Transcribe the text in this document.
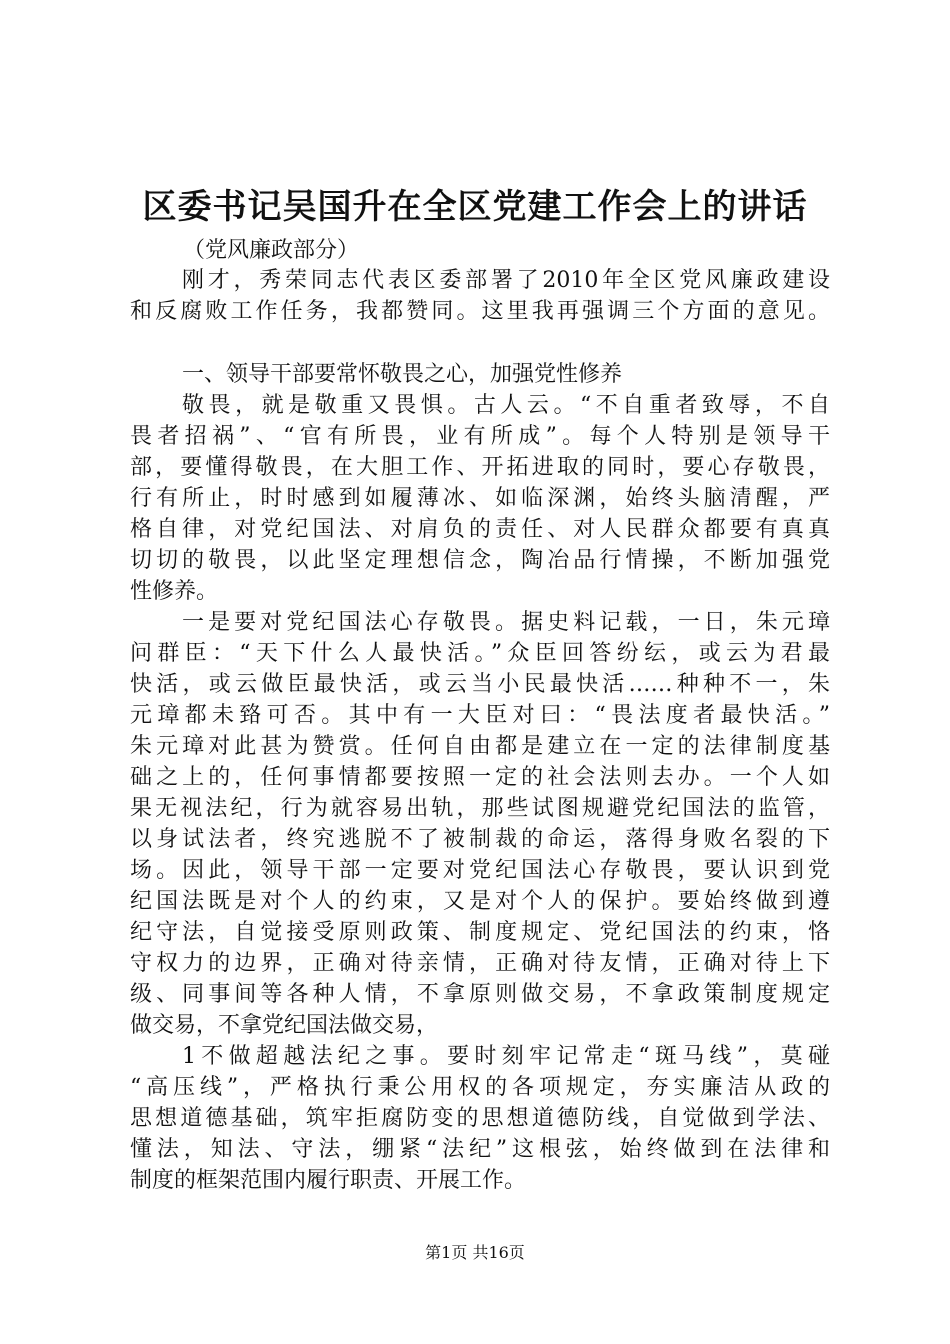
区委书记吴国升在全区党建工作会上的讲话
（党风廉政部分）
刚才，秀荣同志代表区委部署了2010年全区党风廉政建设
和反腐败工作任务，我都赞同。这里我再强调三个方面的意见。
一、领导干部要常怀敬畏之心，加强党性修养
敬畏，就是敬重又畏惧。古人云。“不自重者致辱，不自
畏者招祸”、“官有所畏，业有所成”。每个人特别是领导干
部，要懂得敬畏，在大胆工作、开拓进取的同时，要心存敬畏，
行有所止，时时感到如履薄冰、如临深渊，始终头脑清醒，严
格自律，对党纪国法、对肩负的责任、对人民群众都要有真真
切切的敬畏，以此坚定理想信念，陶冶品行情操，不断加强党
性修养。
一是要对党纪国法心存敬畏。据史料记载，一日，朱元璋
问群臣：“天下什么人最快活。”众臣回答纷纭，或云为君最
快活，或云做臣最快活，或云当小民最快活……种种不一，朱
元璋都未臵可否。其中有一大臣对曰：“畏法度者最快活。”
朱元璋对此甚为赞赏。任何自由都是建立在一定的法律制度基
础之上的，任何事情都要按照一定的社会法则去办。一个人如
果无视法纪，行为就容易出轨，那些试图规避党纪国法的监管，
以身试法者，终究逃脱不了被制裁的命运，落得身败名裂的下
场。因此，领导干部一定要对党纪国法心存敬畏，要认识到党
纪国法既是对个人的约束，又是对个人的保护。要始终做到遵
纪守法，自觉接受原则政策、制度规定、党纪国法的约束，恪
守权力的边界，正确对待亲情，正确对待友情，正确对待上下
级、同事间等各种人情，不拿原则做交易，不拿政策制度规定
做交易，不拿党纪国法做交易，
1不做超越法纪之事。要时刻牢记常走“斑马线”，莫碰
“高压线”，严格执行秉公用权的各项规定，夯实廉洁从政的
思想道德基础，筑牢拒腐防变的思想道德防线，自觉做到学法、
懂法，知法、守法，绷紧“法纪”这根弦，始终做到在法律和
制度的框架范围内履行职责、开展工作。
第1页 共16页
